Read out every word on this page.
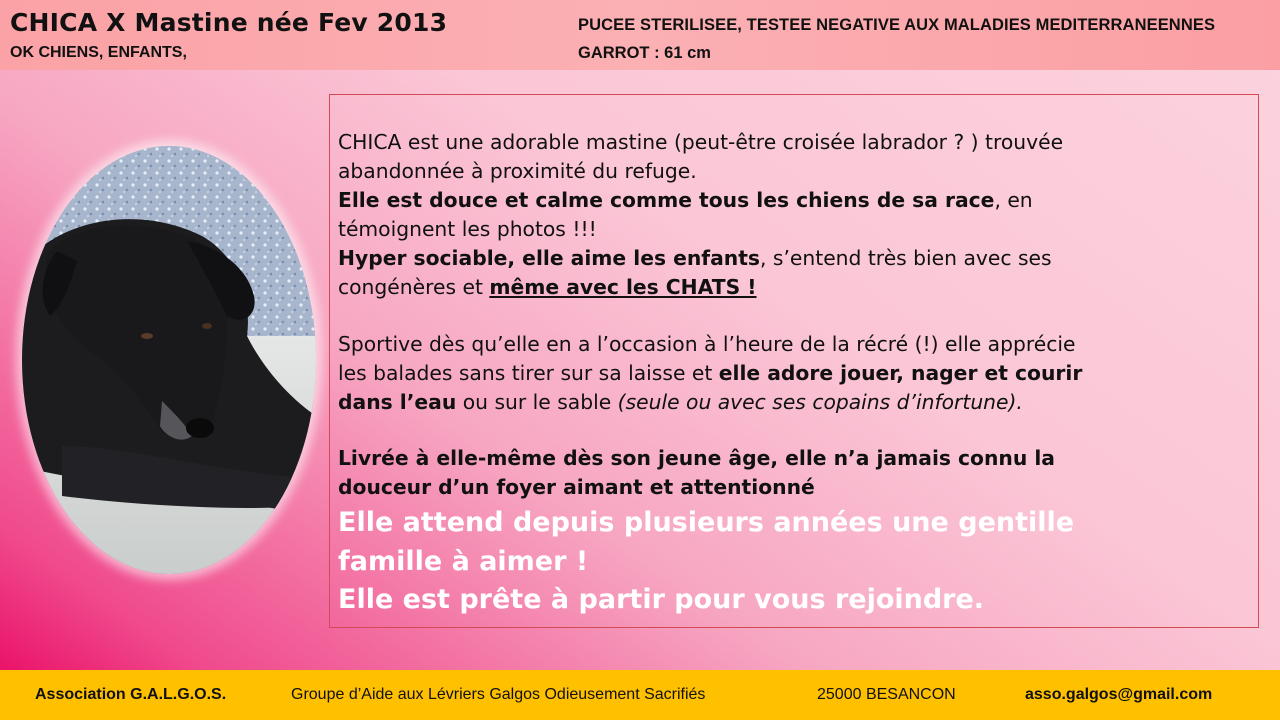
CHICA X Mastine née Fev 2013
OK CHIENS, ENFANTS,
PUCEE STERILISEE, TESTEE NEGATIVE AUX MALADIES MEDITERRANEENNES
GARROT : 61 cm

CHICA est une adorable mastine (peut-être croisée labrador ? ) trouvée

abandonnée à proximité du refuge.

Elle est douce et calme comme tous les chiens de sa race, en

témoignent les photos !!!

Hyper sociable, elle aime les enfants, s’entend très bien avec ses

congénères et même avec les CHATS !

Sportive dès qu’elle en a l’occasion à l’heure de la récré (!) elle apprécie

les balades sans tirer sur sa laisse et elle adore jouer, nager et courir

dans l’eau ou sur le sable (seule ou avec ses copains d’infortune).

Livrée à elle-même dès son jeune âge, elle n’a jamais connu la

douceur d’un foyer aimant et attentionné

Elle attend depuis plusieurs années une gentille

famille à aimer !

Elle est prête à partir pour vous rejoindre.

Association G.A.L.G.O.S.	Groupe d’Aide aux Lévriers Galgos Odieusement Sacrifiés	25000 BESANCON	asso.galgos@gmail.com
